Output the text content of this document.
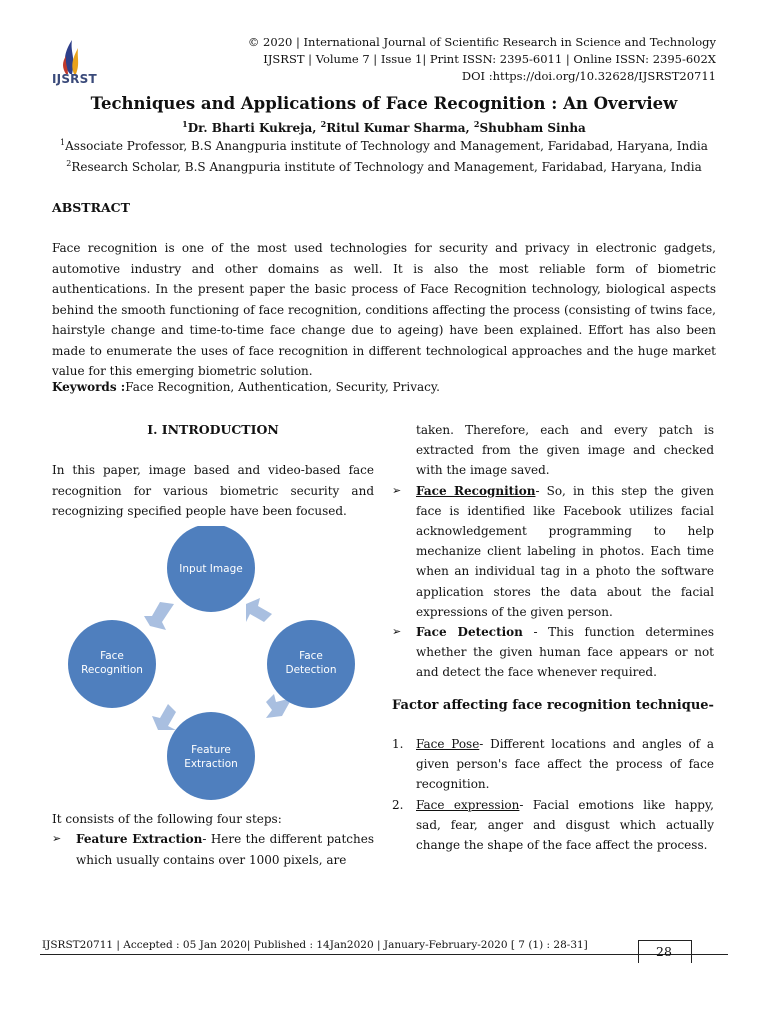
IJSRST
© 2020 | International Journal of Scientific Research in Science and Technology
IJSRST | Volume 7 | Issue 1| Print ISSN: 2395-6011 | Online ISSN: 2395-602X
DOI :https://doi.org/10.32628/IJSRST20711
Techniques and Applications of Face Recognition : An Overview
$^1$Dr. Bharti Kukreja, $^2$Ritul Kumar Sharma, $^2$Shubham Sinha
$^1$Associate Professor, B.S Anangpuria institute of Technology and Management, Faridabad, Haryana, India
$^2$Research Scholar, B.S Anangpuria institute of Technology and Management, Faridabad, Haryana, India
ABSTRACT
Face recognition is one of the most used technologies for security and privacy in electronic gadgets, automotive industry and other domains as well. It is also the most reliable form of biometric authentications. In the present paper the basic process of Face Recognition technology, biological aspects behind the smooth functioning of face recognition, conditions affecting the process (consisting of twins face, hairstyle change and time-to-time face change due to ageing) have been explained. Effort has also been made to enumerate the uses of face recognition in different technological approaches and the huge market value for this emerging biometric solution.
Keywords :Face Recognition, Authentication, Security, Privacy.
I. INTRODUCTION
In this paper, image based and video-based face recognition for various biometric security and recognizing specified people have been focused.
Input Image
Face
Detection
Feature
Extraction
Face
Recognition
It consists of the following four steps:
➢ Feature Extraction- Here the different patches which usually contains over 1000 pixels, are
taken. Therefore, each and every patch is extracted from the given image and checked with the image saved.
➢ Face Recognition- So, in this step the given face is identified like Facebook utilizes facial acknowledgement programming to help mechanize client labeling in photos. Each time when an individual tag in a photo the software application stores the data about the facial expressions of the given person.
➢ Face Detection - This function determines whether the given human face appears or not and detect the face whenever required.
Factor affecting face recognition technique-
1. Face Pose- Different locations and angles of a given person's face affect the process of face recognition.
2. Face expression- Facial emotions like happy, sad, fear, anger and disgust which actually change the shape of the face affect the process.
IJSRST20711 | Accepted : 05 Jan 2020| Published : 14Jan2020 | January-February-2020 [ 7 (1) : 28-31]	28
